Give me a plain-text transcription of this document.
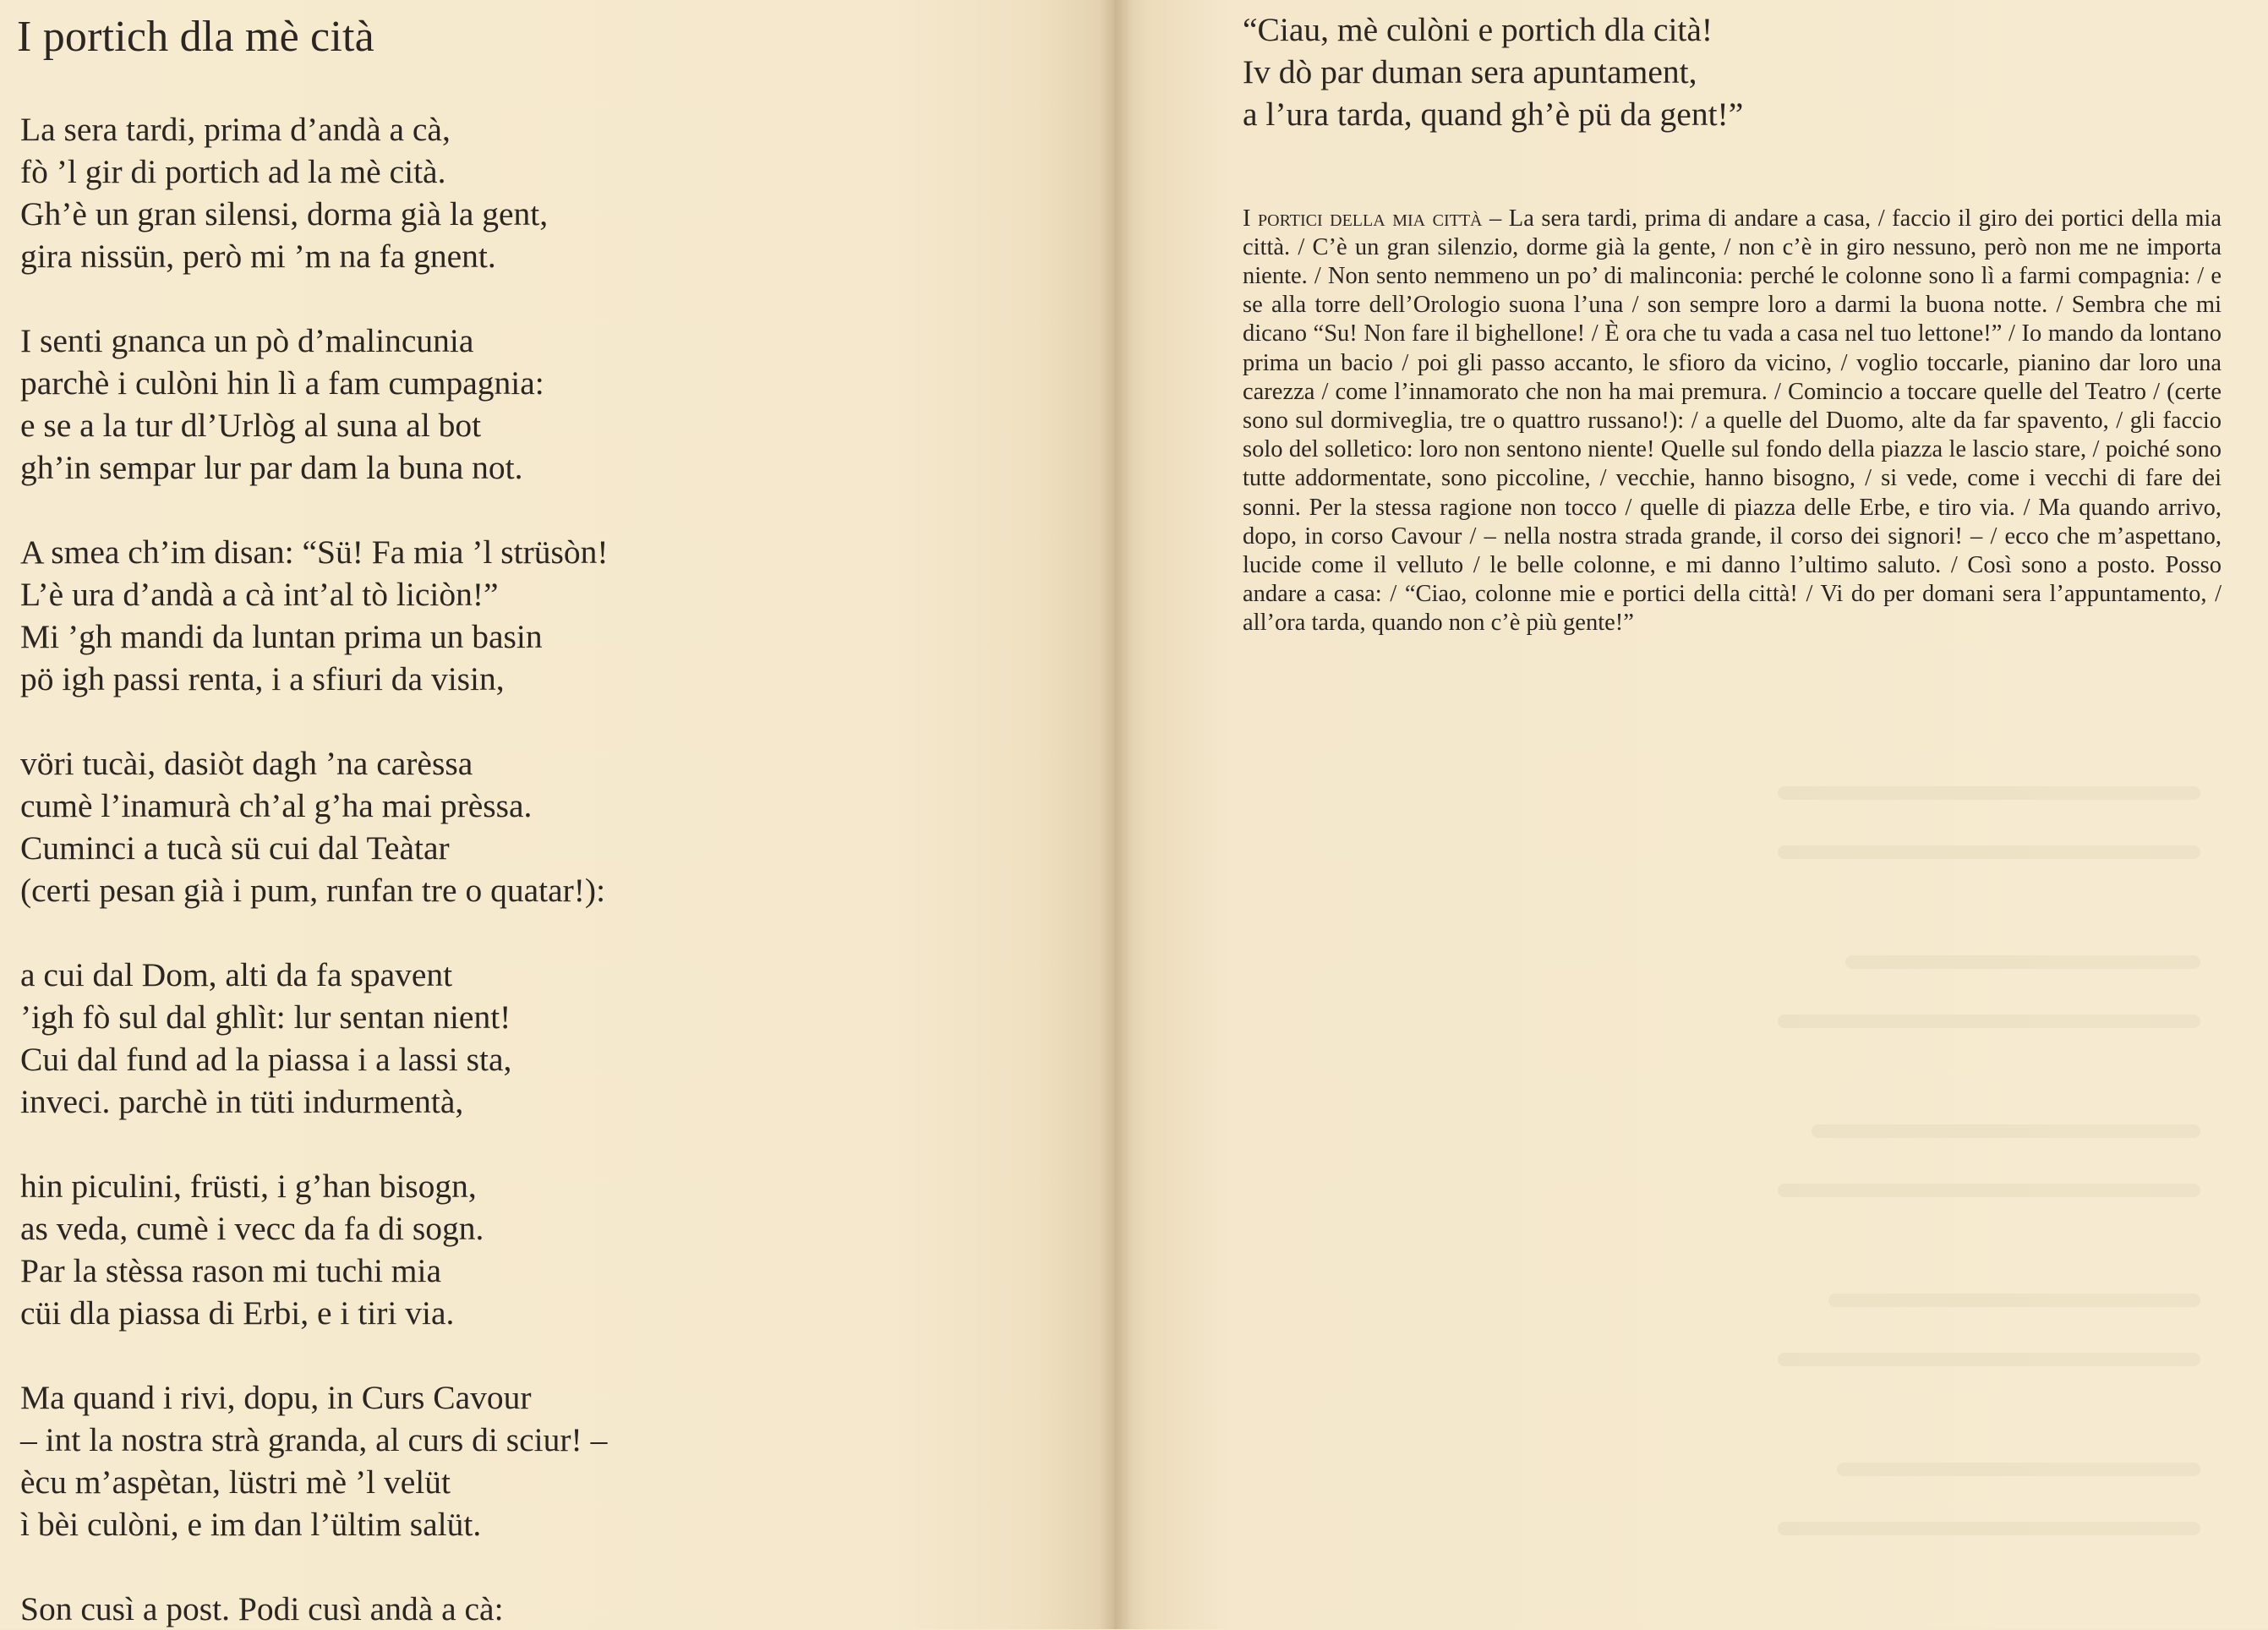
I portich dla mè cità

La sera tardi, prima d’andà a cà,
fò ’l gir di portich ad la mè cità.
Gh’è un gran silensi, dorma già la gent,
gira nissün, però mi ’m na fa gnent.

I senti gnanca un pò d’malincunia
parchè i culòni hin lì a fam cumpagnia:
e se a la tur dl’Urlòg al suna al bot
gh’in sempar lur par dam la buna not.

A smea ch’im disan: “Sü! Fa mia ’l strüsòn!
L’è ura d’andà a cà int’al tò liciòn!”
Mi ’gh mandi da luntan prima un basin
pö igh passi renta, i a sfiuri da visin,

vöri tucài, dasiòt dagh ’na carèssa
cumè l’inamurà ch’al g’ha mai prèssa.
Cuminci a tucà sü cui dal Teàtar
(certi pesan già i pum, runfan tre o quatar!):

a cui dal Dom, alti da fa spavent
’igh fò sul dal ghlìt: lur sentan nient!
Cui dal fund ad la piassa i a lassi sta,
inveci. parchè in tüti indurmentà,

hin piculini, früsti, i g’han bisogn,
as veda, cumè i vecc da fa di sogn.
Par la stèssa rason mi tuchi mia
cüi dla piassa di Erbi, e i tiri via.

Ma quand i rivi, dopu, in Curs Cavour
– int la nostra strà granda, al curs di sciur! –
ècu m’aspètan, lüstri mè ’l velüt
ì bèi culòni, e im dan l’ültim salüt.

Son cusì a post. Podi cusì andà a cà:

“Ciau, mè culòni e portich dla cità!
Iv dò par duman sera apuntament,
a l’ura tarda, quand gh’è pü da gent!”

I portici della mia città – La sera tardi, prima di andare a casa, / faccio il giro dei portici della mia città. / C’è un gran silenzio, dorme già la gente, / non c’è in giro nessuno, però non me ne importa niente. / Non sento nemmeno un po’ di malinconia: perché le colonne sono lì a farmi compagnia: / e se alla torre dell’Orologio suona l’una / son sempre loro a darmi la buona notte. / Sembra che mi dicano “Su! Non fare il bighellone! / È ora che tu vada a casa nel tuo lettone!” / Io mando da lontano prima un bacio / poi gli passo accanto, le sfioro da vicino, / voglio toccarle, pianino dar loro una carezza / come l’innamorato che non ha mai premura. / Comincio a toccare quelle del Teatro / (certe sono sul dormiveglia, tre o quattro russano!): / a quelle del Duomo, alte da far spavento, / gli faccio solo del solletico: loro non sentono niente! Quelle sul fondo della piazza le lascio stare, / poiché sono tutte addormentate, sono piccoline, / vecchie, hanno bisogno, / si vede, come i vecchi di fare dei sonni. Per la stessa ragione non tocco / quelle di piazza delle Erbe, e tiro via. / Ma quando arrivo, dopo, in corso Cavour / – nella nostra strada grande, il corso dei signori! – / ecco che m’aspettano, lucide come il velluto / le belle colonne, e mi danno l’ultimo saluto. / Così sono a posto. Posso andare a casa: / “Ciao, colonne mie e portici della città! / Vi do per domani sera l’appuntamento, / all’ora tarda, quando non c’è più gente!”
